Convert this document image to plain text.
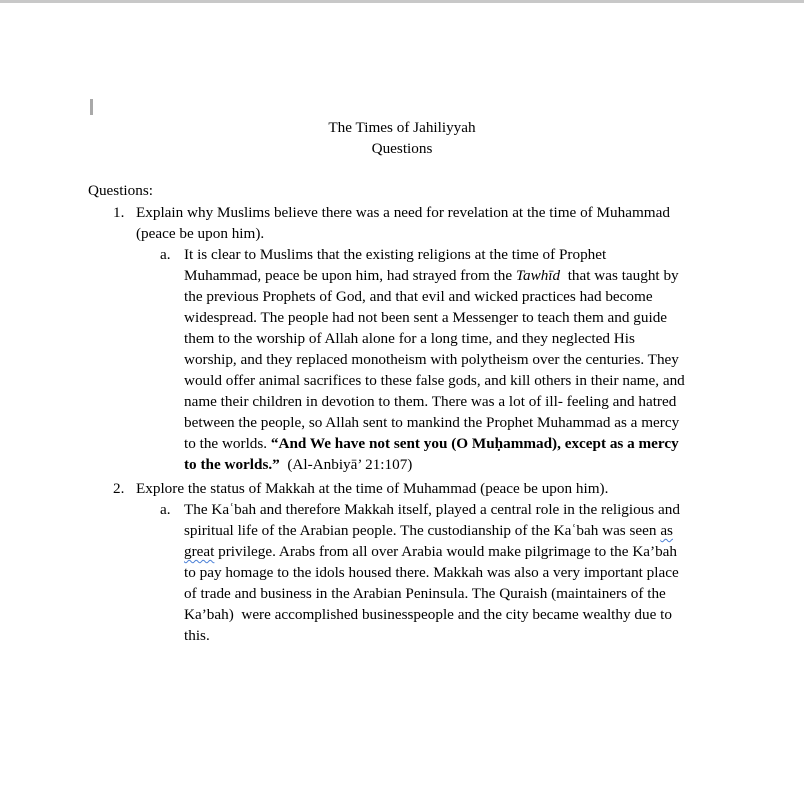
The Times of Jahiliyyah
Questions
Questions:
1. Explain why Muslims believe there was a need for revelation at the time of Muhammad
(peace be upon him).
a. It is clear to Muslims that the existing religions at the time of Prophet
Muhammad, peace be upon him, had strayed from the Tawhīd  that was taught by
the previous Prophets of God, and that evil and wicked practices had become
widespread. The people had not been sent a Messenger to teach them and guide
them to the worship of Allah alone for a long time, and they neglected His
worship, and they replaced monotheism with polytheism over the centuries. They
would offer animal sacrifices to these false gods, and kill others in their name, and
name their children in devotion to them. There was a lot of ill- feeling and hatred
between the people, so Allah sent to mankind the Prophet Muhammad as a mercy
to the worlds. “And We have not sent you (O Muḥammad), except as a mercy
to the worlds.”  (Al-Anbiyā’ 21:107)
2. Explore the status of Makkah at the time of Muhammad (peace be upon him).
a. The Kaʿbah and therefore Makkah itself, played a central role in the religious and
spiritual life of the Arabian people. The custodianship of the Kaʿbah was seen as
great privilege. Arabs from all over Arabia would make pilgrimage to the Ka’bah
to pay homage to the idols housed there. Makkah was also a very important place
of trade and business in the Arabian Peninsula. The Quraish (maintainers of the
Ka’bah)  were accomplished businesspeople and the city became wealthy due to
this.
